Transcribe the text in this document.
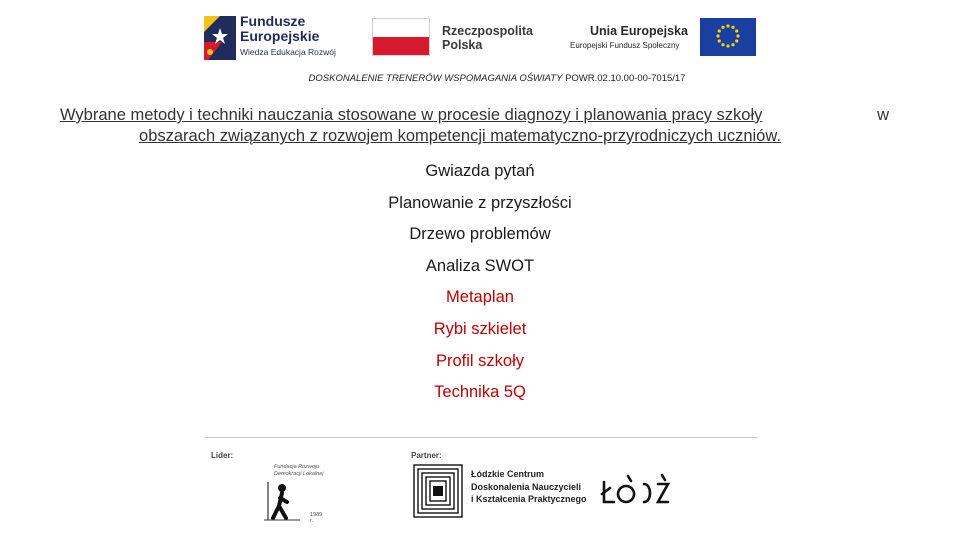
Fundusze
Europejskie
Wiedza Edukacja Rozwój
Rzeczpospolita
Polska
Unia Europejska
Europejski Fundusz Społeczny
DOSKONALENIE TRENERÓW WSPOMAGANIA OŚWIATY POWR.02.10.00-00-7015/17
Wybrane metody i techniki nauczania stosowane w procesie diagnozy i planowania pracy szkoły	w
obszarach związanych z rozwojem kompetencji matematyczno-przyrodniczych uczniów.
Gwiazda pytań
Planowanie z przyszłości
Drzewo problemów
Analiza SWOT
Metaplan
Rybi szkielet
Profil szkoły
Technika 5Q
Lider:	Partner:
Fundacja Rozwoju
Demokracji Lokalnej
1989 r.
Łódzkie Centrum
Doskonalenia Nauczycieli
i Kształcenia Praktycznego
